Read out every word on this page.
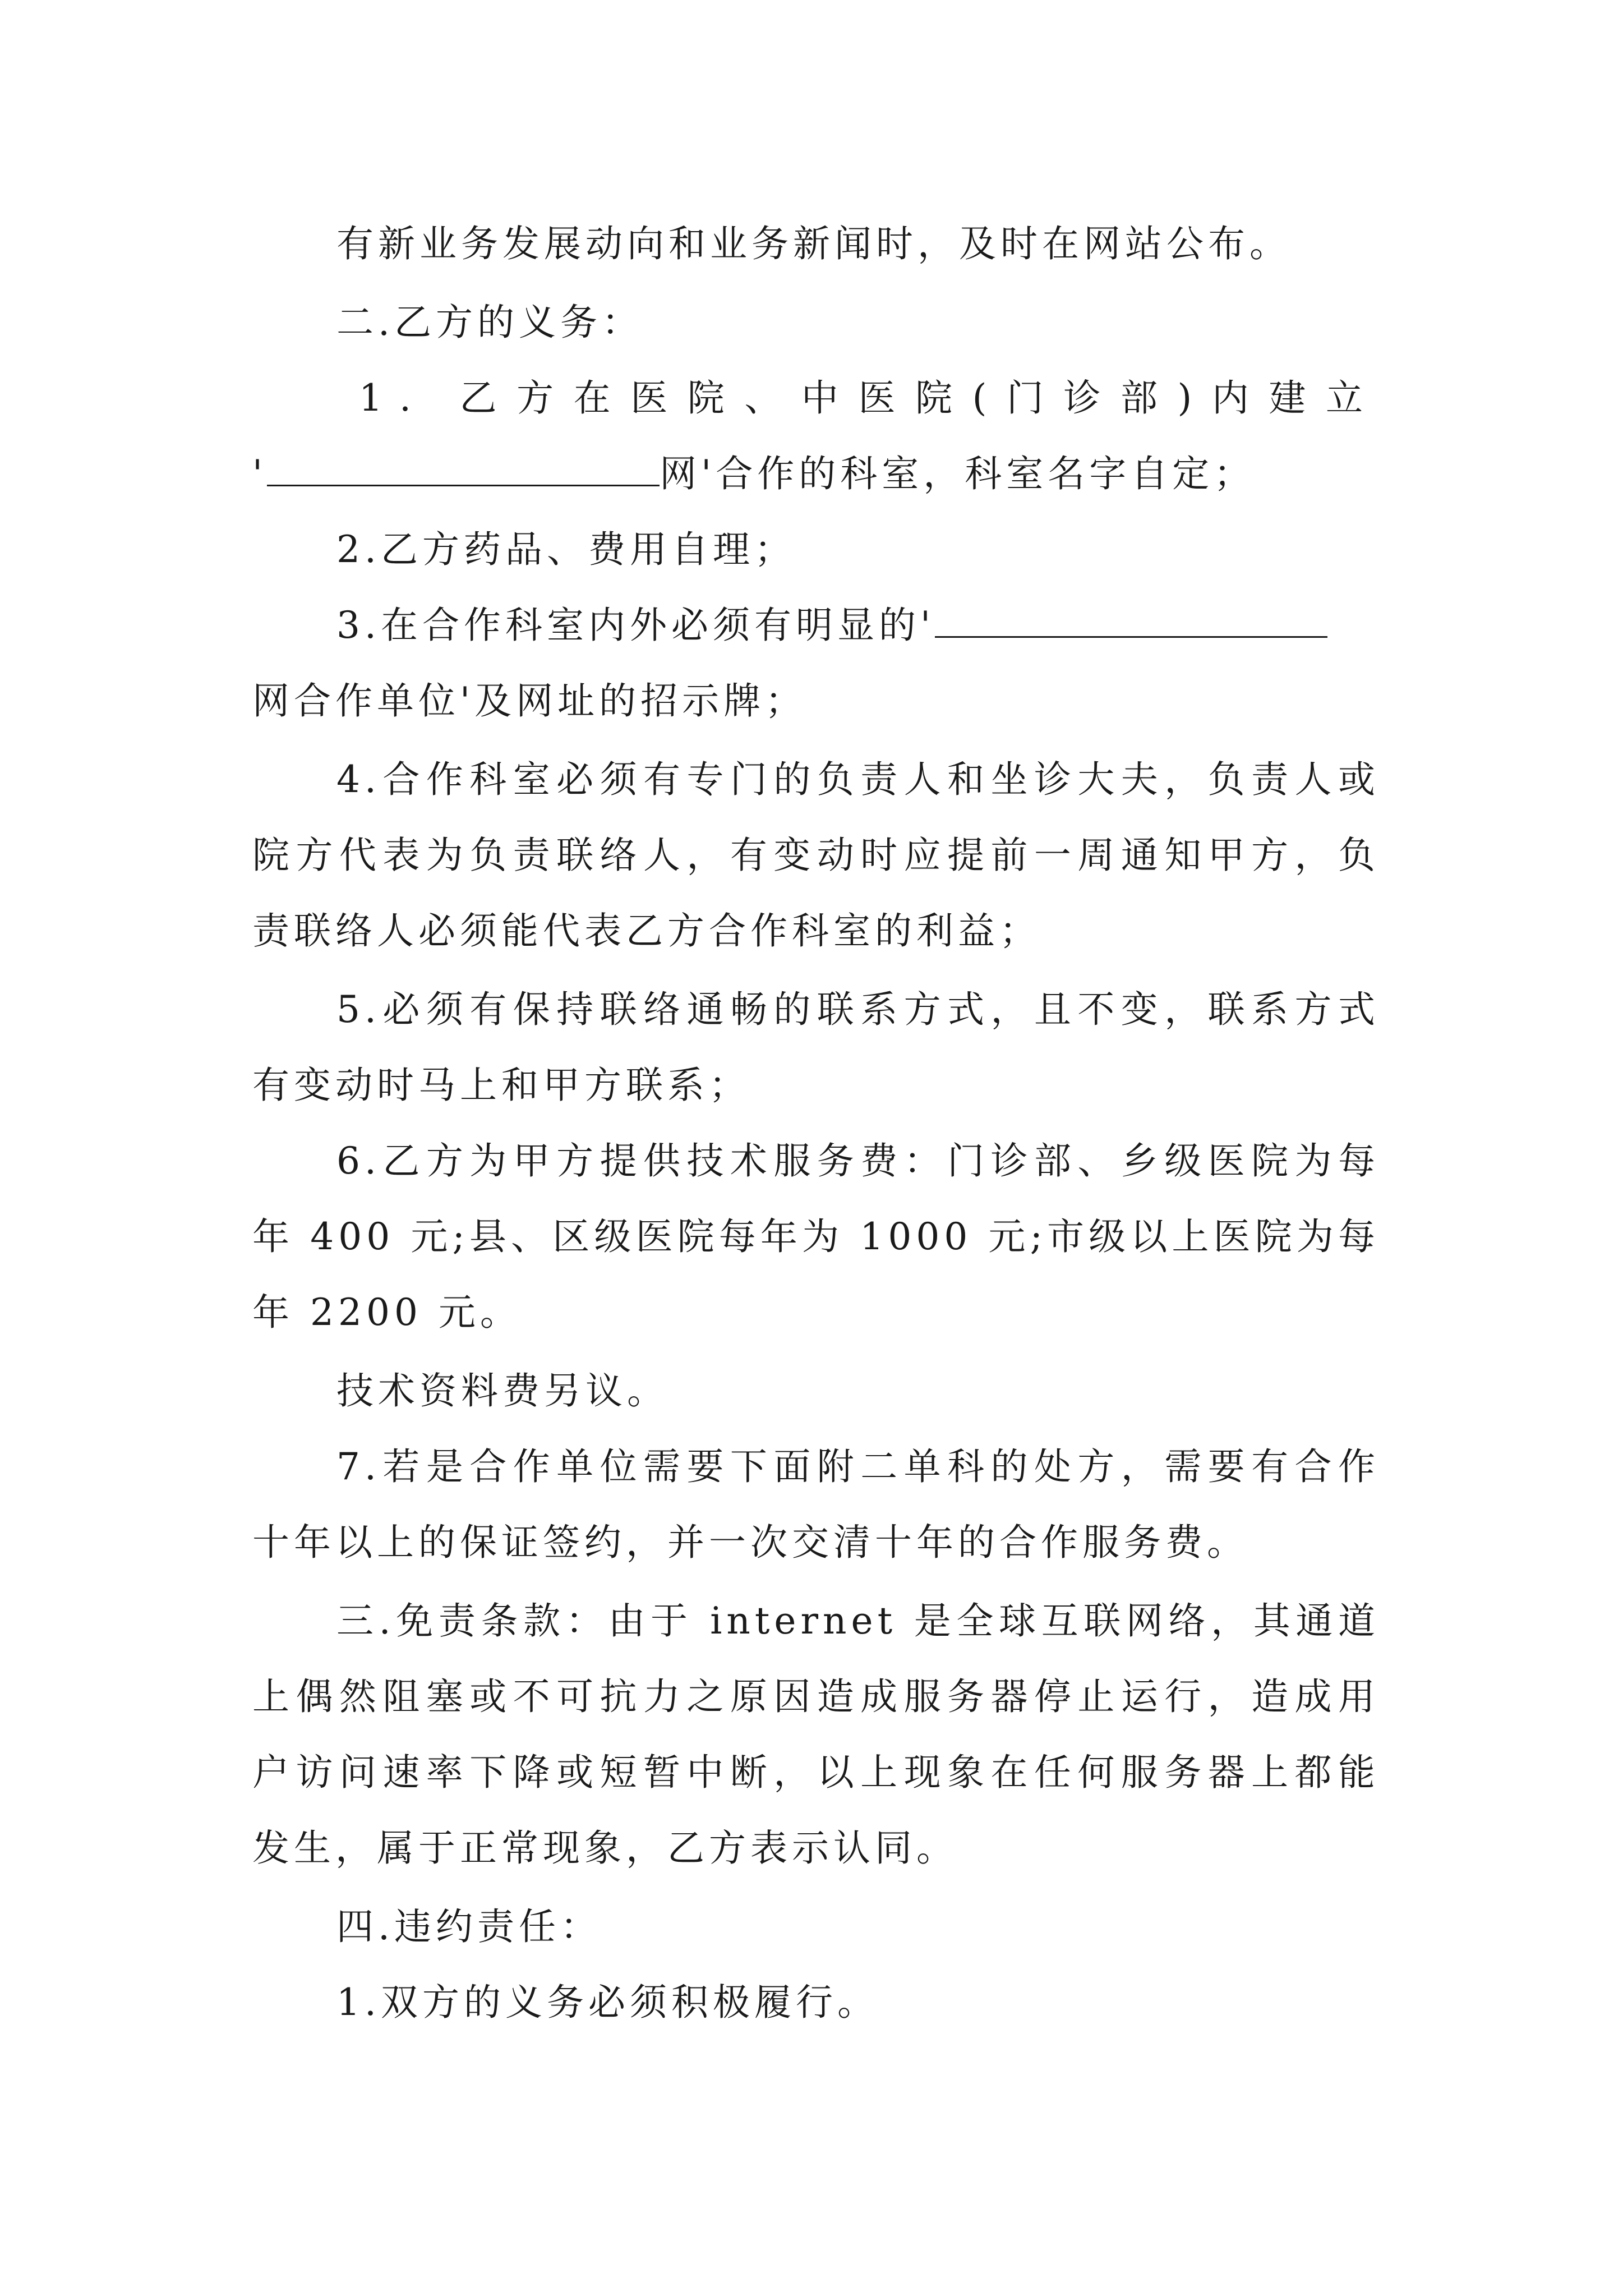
有新业务发展动向和业务新闻时，及时在网站公布。
二.乙方的义务：
1. 乙方在医院、中医院(门诊部)内建立
'	网'合作的科室，科室名字自定；
2.乙方药品、费用自理；
3.在合作科室内外必须有明显的'
网合作单位'及网址的招示牌；
4.合作科室必须有专门的负责人和坐诊大夫，负责人或
院方代表为负责联络人，有变动时应提前一周通知甲方，负
责联络人必须能代表乙方合作科室的利益；
5.必须有保持联络通畅的联系方式，且不变，联系方式
有变动时马上和甲方联系；
6.乙方为甲方提供技术服务费：门诊部、乡级医院为每
年 400 元;县、区级医院每年为 1000 元;市级以上医院为每
年 2200 元。
技术资料费另议。
7.若是合作单位需要下面附二单科的处方，需要有合作
十年以上的保证签约，并一次交清十年的合作服务费。
三.免责条款：由于 internet 是全球互联网络，其通道
上偶然阻塞或不可抗力之原因造成服务器停止运行，造成用
户访问速率下降或短暂中断，以上现象在任何服务器上都能
发生，属于正常现象，乙方表示认同。
四.违约责任：
1.双方的义务必须积极履行。
